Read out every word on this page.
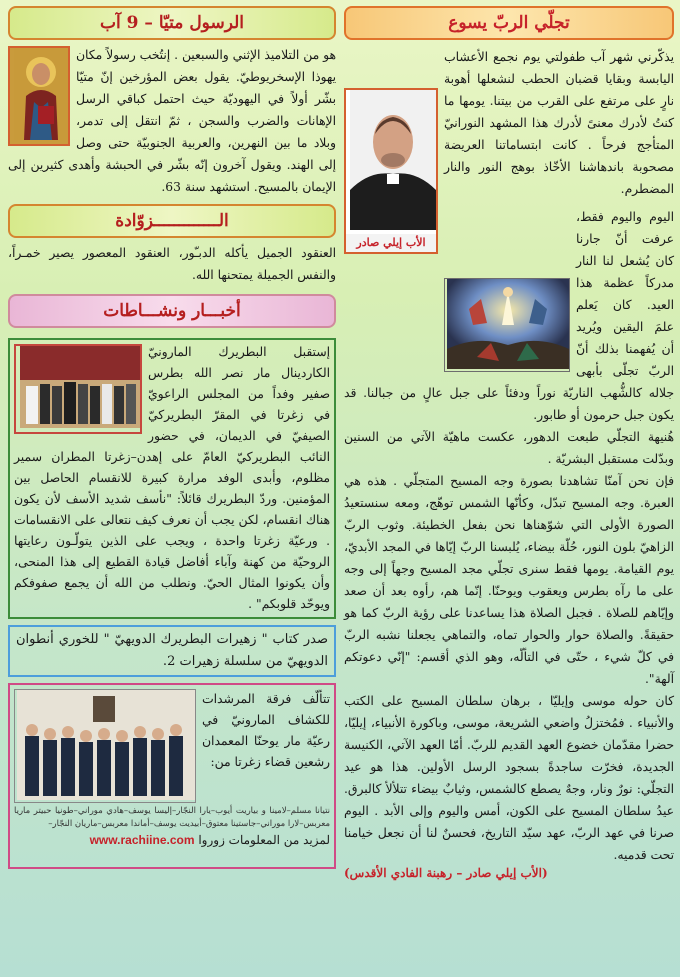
تجلّي الربّ يسوع
الأب إيلي صادر
يذكّرني شهر آب طفولتي يوم نجمع الأعشاب اليابسة وبقايا قضبان الحطب لنشعلها أهوبة نارٍ على مرتفع على القرب من بيتنا. يومها ما كنتُ لأدرك معنىً لأدرك هذا المشهد النورانيّ المتأجج فرحاً . كانت ابتساماتنا العريضة مصحوبة باندهاشنا الأخّاذ بوهج النور والنار المضطرم.
اليوم واليوم فقط، عرفت أنّ جارنا كان يُشعل لنا النار مدركاً عظمة هذا العيد. كان يَعلم علمَ اليقين ويُريد أن يُفهمنا بذلك أنّ الربّ تجلّى بأبهى جلاله كالشُّهب الناريّة نوراً ودفئاً على جبل عالٍ من جبالنا. قد يكون جبل حرمون أو طابور.
هُنيهة التجلّي طبعت الدهور، عكست ماهيّة الآتي من السنين وبدّلت مستقبل البشريّة .
فإن نحن آمنّا تشاهدنا بصورة وجه المسيح المتجلّي . هذه هي العبرة. وجه المسيح تبدّل، وكأنّها الشمس توهّج، ومعه سنستعيدُ الصورة الأولى التي شوّهناها نحن بفعل الخطيئة. وثوب الربّ الزاهيّ بلون النور، حُلّة بيضاء، يُلبسنا الربّ إيّاها في المجد الأبديّ، يوم القيامة. يومها فقط سنرى تجلّي مجد المسيح وجهاً إلى وجه على ما رآه بطرس ويعقوب ويوحنّا. إنّما هم، رأوه بعد أن صعد وإيّاهم للصلاة . فجبل الصلاة هذا يساعدنا على رؤية الربّ كما هو حقيقةً. والصلاة حوار والحوار تماه، والتماهي يجعلنا نشبه الربّ في كلّ شيء ، حتّى في التألّه، وهو الذي أقسم: "إنّي دعوتكم آلهة".
كان حوله موسى وإيليّا ، برهان سلطان المسيح على الكتب والأنبياء . فمُختزلُ واضعي الشريعة، موسى، وباكورة الأنبياء، إيليّا، حضرا مقدّمان خضوع العهد القديم للربّ. أمّا العهد الآتي، الكنيسة الجديدة، فخرّت ساجدةً بسجود الرسل الأولين. هذا هو عيد التجلّي: نورٌ ونار، وجهٌ يصطع كالشمس، وثيابٌ بيضاء تتلألأ كالبرق. عيدُ سلطان المسيح على الكون، أمس واليوم وإلى الأبد . اليوم صرنا في عهد الربّ، عهد سيّد التاريخ، فحسنٌ لنا أن نجعل خيامنا تحت قدميه.
(الأب إيلي صادر – رهبنة الفادي الأقدس)
الرسول متيّا – 9 آب
هو من التلاميذ الإثني والسبعين . إنتُخب رسولاً مكان يهوذا الإسخريوطيّ. يقول بعض المؤرخين إنّ متيّا بشّر أولاً في اليهوديّة حيث احتمل كباقي الرسل الإهانات والضرب والسجن ، ثمّ انتقل إلى تدمر، وبلاد ما بين النهرين، والعربية الجنوبيّة حتى وصل إلى الهند. ويقول آخرون إنّه بشّر في الحبشة وأهدى كثيرين إلى الإيمان بالمسيح. استشهد سنة 63.
الـــــــــــــزوّادة
العنقود الجميل يأكله الدبـّور، العنقود المعصور يصير خمـراً، والنفس الجميلة يمتحنها الله.
أخبـــار ونشـــاطات
إستقبل البطريرك المارونيّ الكاردينال مار نصر الله بطرس صفير وفداً من المجلس الراعويّ في زغرتا في المقرّ البطريركيّ الصيفيّ في الديمان، في حضور النائب البطريركيّ العامّ على إهدن–زغرتا المطران سمير مظلوم، وأبدى الوفد مرارة كبيرة للانقسام الحاصل بين المؤمنين. وردّ البطريرك قائلاً: "نأسف شديد الأسف لأن يكون هناك انقسام، لكن يجب أن نعرف كيف نتعالى على الانقسامات . ورعيّة زغرتا واحدة ، ويجب على الذين يتولّـون رعايتها الروحيّة من كهنة وآباء أفاضل قيادة القطيع إلى هذا المنحى، وأن يكونوا المثال الحيّ. ونطلب من الله أن يجمع صفوفكم ويوحّد قلوبكم" .
صدر كتاب " زهيرات البطريرك الدويهيّ " للخوري أنطوان الدويهيّ من سلسلة زهيرات 2.
تتألّف فرقة المرشدات للكشاف المارونيّ في رعيّة مار يوحنّا المعمدان رشعين قضاء زغرتا من:
نتيانا مسلم–لامينا و بياريت أيوب–يارا النجّار–إليسا يوسف–هادي موراني–طونيا حبيتر ماريا معربس–لارا موراني–جاستينا معتوق–أبيديت يوسف–أماندا معربس–ماريان النجّار–
لمزيد من المعلومات زوروا www.rachiine.com
